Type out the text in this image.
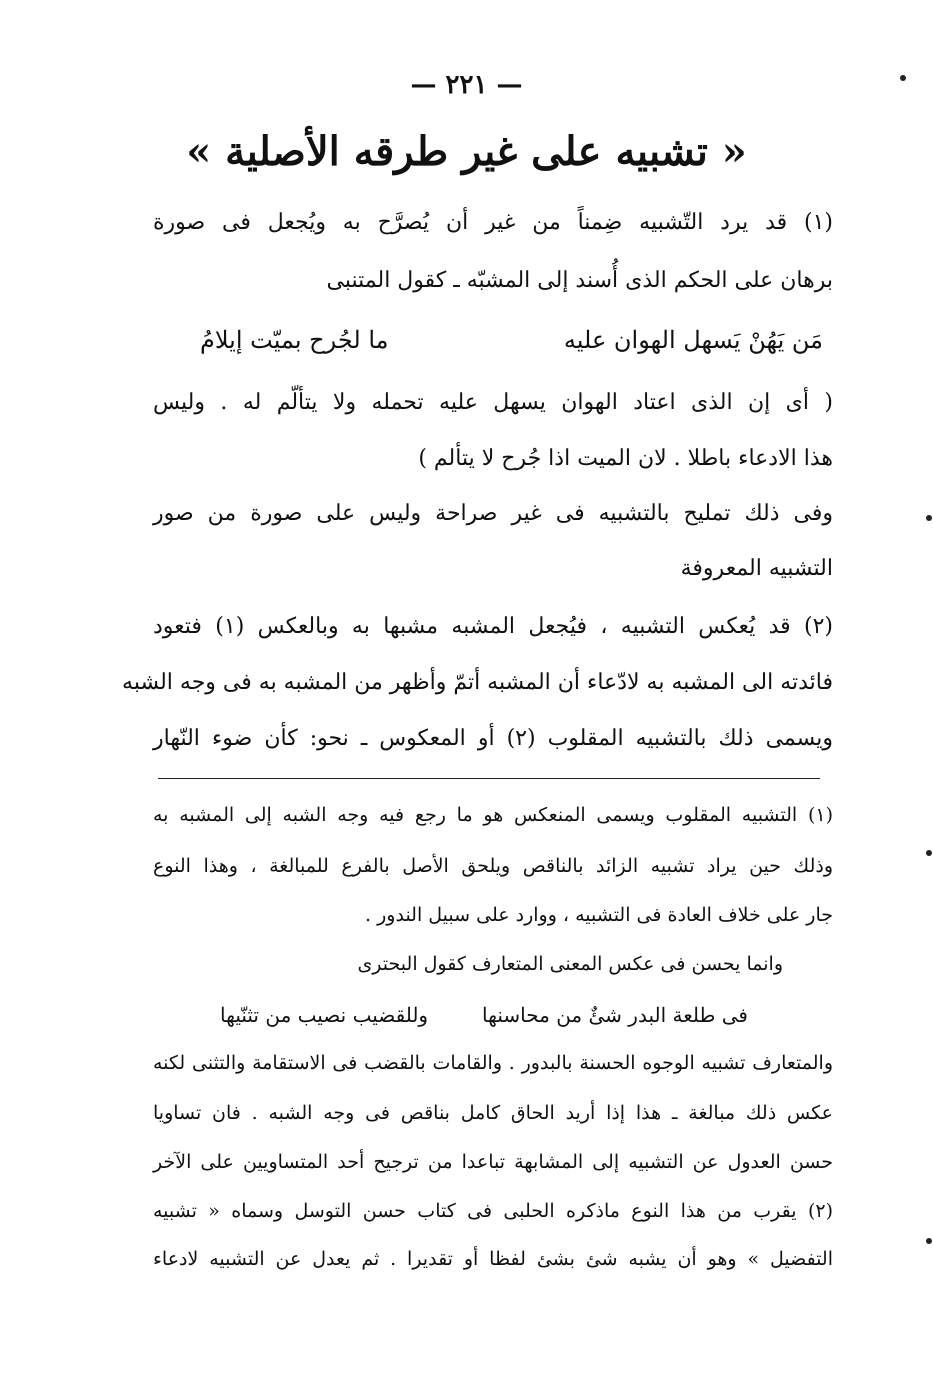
— ٢٢١ —
« تشبيه على غير طرقه الأصلية »
(١) قد يرد التّشبيه ضِمناً من غير أن يُصرَّح به ويُجعل فى صورة
برهان على الحكم الذى أُسند إلى المشبّه ـ كقول المتنبى
مَن يَهُنْ يَسهل الهوان عليه
ما لجُرح بميّت إيلامُ
( أى إن الذى اعتاد الهوان يسهل عليه تحمله ولا يتألّم له . وليس
هذا الادعاء باطلا . لان الميت اذا جُرح لا يتألم )
وفى ذلك تمليح بالتشبيه فى غير صراحة وليس على صورة من صور
التشبيه المعروفة
(٢) قد يُعكس التشبيه ، فيُجعل المشبه مشبها به وبالعكس (١) فتعود
فائدته الى المشبه به لادّعاء أن المشبه أتمّ وأظهر من المشبه به فى وجه الشبه
ويسمى ذلك بالتشبيه المقلوب (٢) أو المعكوس ـ نحو: كأن ضوء النّهار
(١) التشبيه المقلوب ويسمى المنعكس هو ما رجع فيه وجه الشبه إلى المشبه به
وذلك حين يراد تشبيه الزائد بالناقص ويلحق الأصل بالفرع للمبالغة ، وهذا النوع
جار على خلاف العادة فى التشبيه ، ووارد على سبيل الندور .
وانما يحسن فى عكس المعنى المتعارف كقول البحترى
فى طلعة البدر شئٌ من محاسنها
وللقضيب نصيب من تثنّيها
والمتعارف تشبيه الوجوه الحسنة بالبدور . والقامات بالقضب فى الاستقامة والتثنى لكنه
عكس ذلك مبالغة ـ هذا إذا أريد الحاق كامل بناقص فى وجه الشبه . فان تساويا
حسن العدول عن التشبيه إلى المشابهة تباعدا من ترجيح أحد المتساويين على الآخر
(٢) يقرب من هذا النوع ماذكره الحلبى فى كتاب حسن التوسل وسماه « تشبيه
التفضيل » وهو أن يشبه شئ بشئ لفظا أو تقديرا . ثم يعدل عن التشبيه لادعاء
